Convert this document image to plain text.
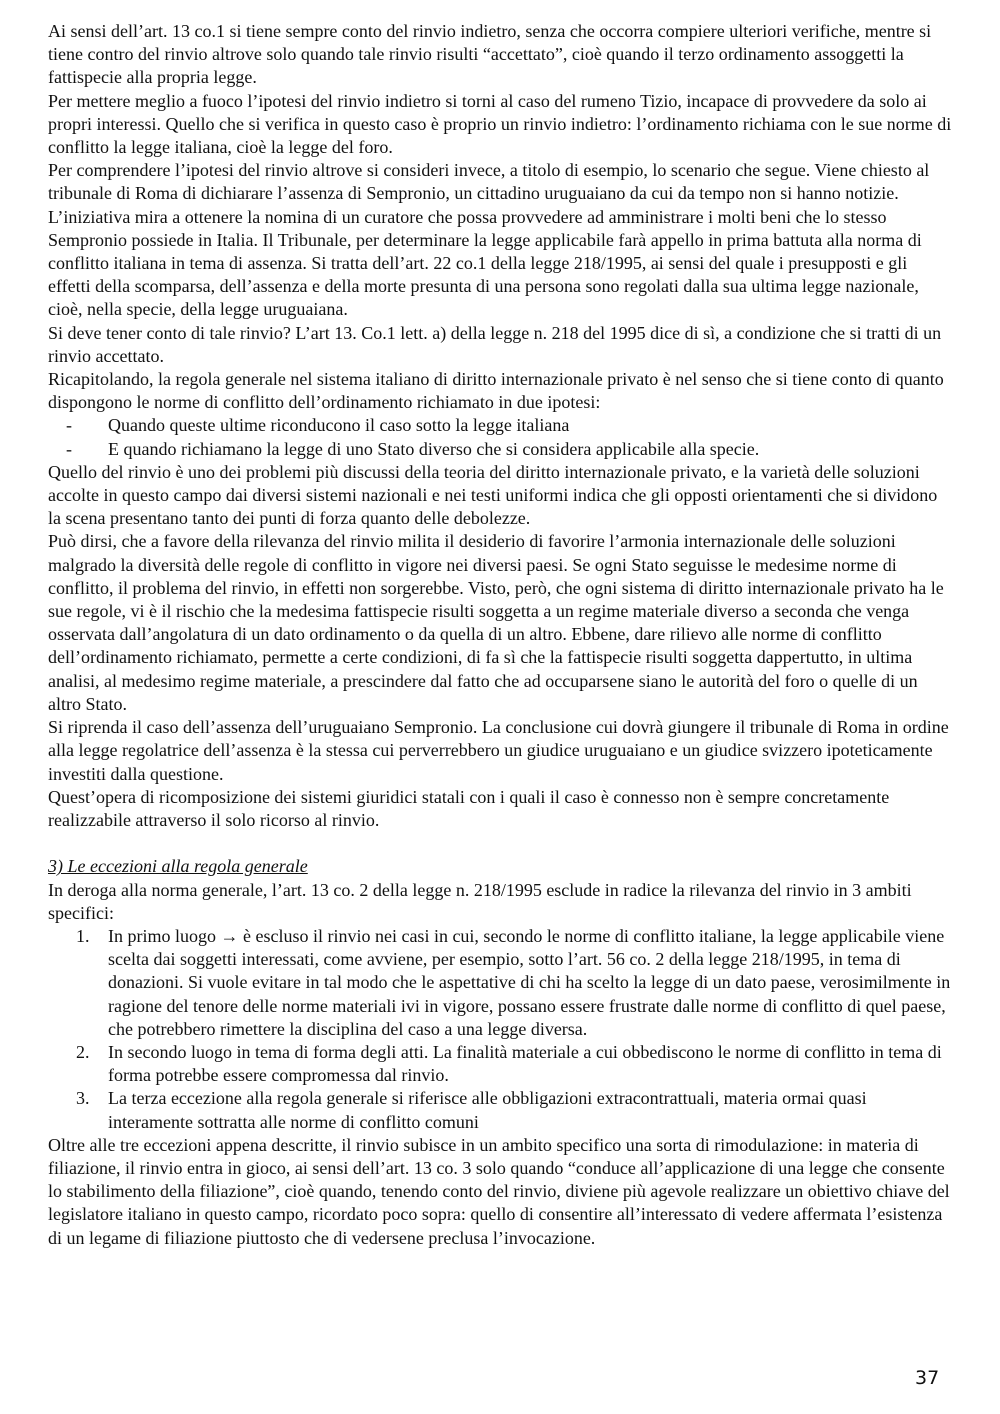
Ai sensi dell’art. 13 co.1 si tiene sempre conto del rinvio indietro, senza che occorra compiere ulteriori verifiche, mentre si tiene contro del rinvio altrove solo quando tale rinvio risulti “accettato”, cioè quando il terzo ordinamento assoggetti la fattispecie alla propria legge.

Per mettere meglio a fuoco l’ipotesi del rinvio indietro si torni al caso del rumeno Tizio, incapace di provvedere da solo ai propri interessi. Quello che si verifica in questo caso è proprio un rinvio indietro: l’ordinamento richiama con le sue norme di conflitto la legge italiana, cioè la legge del foro.

Per comprendere l’ipotesi del rinvio altrove si consideri invece, a titolo di esempio, lo scenario che segue. Viene chiesto al tribunale di Roma di dichiarare l’assenza di Sempronio, un cittadino uruguaiano da cui da tempo non si hanno notizie. L’iniziativa mira a ottenere la nomina di un curatore che possa provvedere ad amministrare i molti beni che lo stesso Sempronio possiede in Italia. Il Tribunale, per determinare la legge applicabile farà appello in prima battuta alla norma di conflitto italiana in tema di assenza. Si tratta dell’art. 22 co.1 della legge 218/1995, ai sensi del quale i presupposti e gli effetti della scomparsa, dell’assenza e della morte presunta di una persona sono regolati dalla sua ultima legge nazionale, cioè, nella specie, della legge uruguaiana.

Si deve tener conto di tale rinvio? L’art 13. Co.1 lett. a) della legge n. 218 del 1995 dice di sì, a condizione che si tratti di un rinvio accettato.

Ricapitolando, la regola generale nel sistema italiano di diritto internazionale privato è nel senso che si tiene conto di quanto dispongono le norme di conflitto dell’ordinamento richiamato in due ipotesi:

- Quando queste ultime riconducono il caso sotto la legge italiana
- E quando richiamano la legge di uno Stato diverso che si considera applicabile alla specie.

Quello del rinvio è uno dei problemi più discussi della teoria del diritto internazionale privato, e la varietà delle soluzioni accolte in questo campo dai diversi sistemi nazionali e nei testi uniformi indica che gli opposti orientamenti che si dividono la scena presentano tanto dei punti di forza quanto delle debolezze.

Può dirsi, che a favore della rilevanza del rinvio milita il desiderio di favorire l’armonia internazionale delle soluzioni malgrado la diversità delle regole di conflitto in vigore nei diversi paesi. Se ogni Stato seguisse le medesime norme di conflitto, il problema del rinvio, in effetti non sorgerebbe. Visto, però, che ogni sistema di diritto internazionale privato ha le sue regole, vi è il rischio che la medesima fattispecie risulti soggetta a un regime materiale diverso a seconda che venga osservata dall’angolatura di un dato ordinamento o da quella di un altro. Ebbene, dare rilievo alle norme di conflitto dell’ordinamento richiamato, permette a certe condizioni, di fa sì che la fattispecie risulti soggetta dappertutto, in ultima analisi, al medesimo regime materiale, a prescindere dal fatto che ad occuparsene siano le autorità del foro o quelle di un altro Stato.

Si riprenda il caso dell’assenza dell’uruguaiano Sempronio. La conclusione cui dovrà giungere il tribunale di Roma in ordine alla legge regolatrice dell’assenza è la stessa cui perverrebbero un giudice uruguaiano e un giudice svizzero ipoteticamente investiti dalla questione.

Quest’opera di ricomposizione dei sistemi giuridici statali con i quali il caso è connesso non è sempre concretamente realizzabile attraverso il solo ricorso al rinvio.

3) Le eccezioni alla regola generale

In deroga alla norma generale, l’art. 13 co. 2 della legge n. 218/1995 esclude in radice la rilevanza del rinvio in 3 ambiti specifici:

1. In primo luogo → è escluso il rinvio nei casi in cui, secondo le norme di conflitto italiane, la legge applicabile viene scelta dai soggetti interessati, come avviene, per esempio, sotto l’art. 56 co. 2 della legge 218/1995, in tema di donazioni. Si vuole evitare in tal modo che le aspettative di chi ha scelto la legge di un dato paese, verosimilmente in ragione del tenore delle norme materiali ivi in vigore, possano essere frustrate dalle norme di conflitto di quel paese, che potrebbero rimettere la disciplina del caso a una legge diversa.
2. In secondo luogo in tema di forma degli atti. La finalità materiale a cui obbediscono le norme di conflitto in tema di forma potrebbe essere compromessa dal rinvio.
3. La terza eccezione alla regola generale si riferisce alle obbligazioni extracontrattuali, materia ormai quasi interamente sottratta alle norme di conflitto comuni

Oltre alle tre eccezioni appena descritte, il rinvio subisce in un ambito specifico una sorta di rimodulazione: in materia di filiazione, il rinvio entra in gioco, ai sensi dell’art. 13 co. 3 solo quando “conduce all’applicazione di una legge che consente lo stabilimento della filiazione”, cioè quando, tenendo conto del rinvio, diviene più agevole realizzare un obiettivo chiave del legislatore italiano in questo campo, ricordato poco sopra: quello di consentire all’interessato di vedere affermata l’esistenza di un legame di filiazione piuttosto che di vedersene preclusa l’invocazione.

37
